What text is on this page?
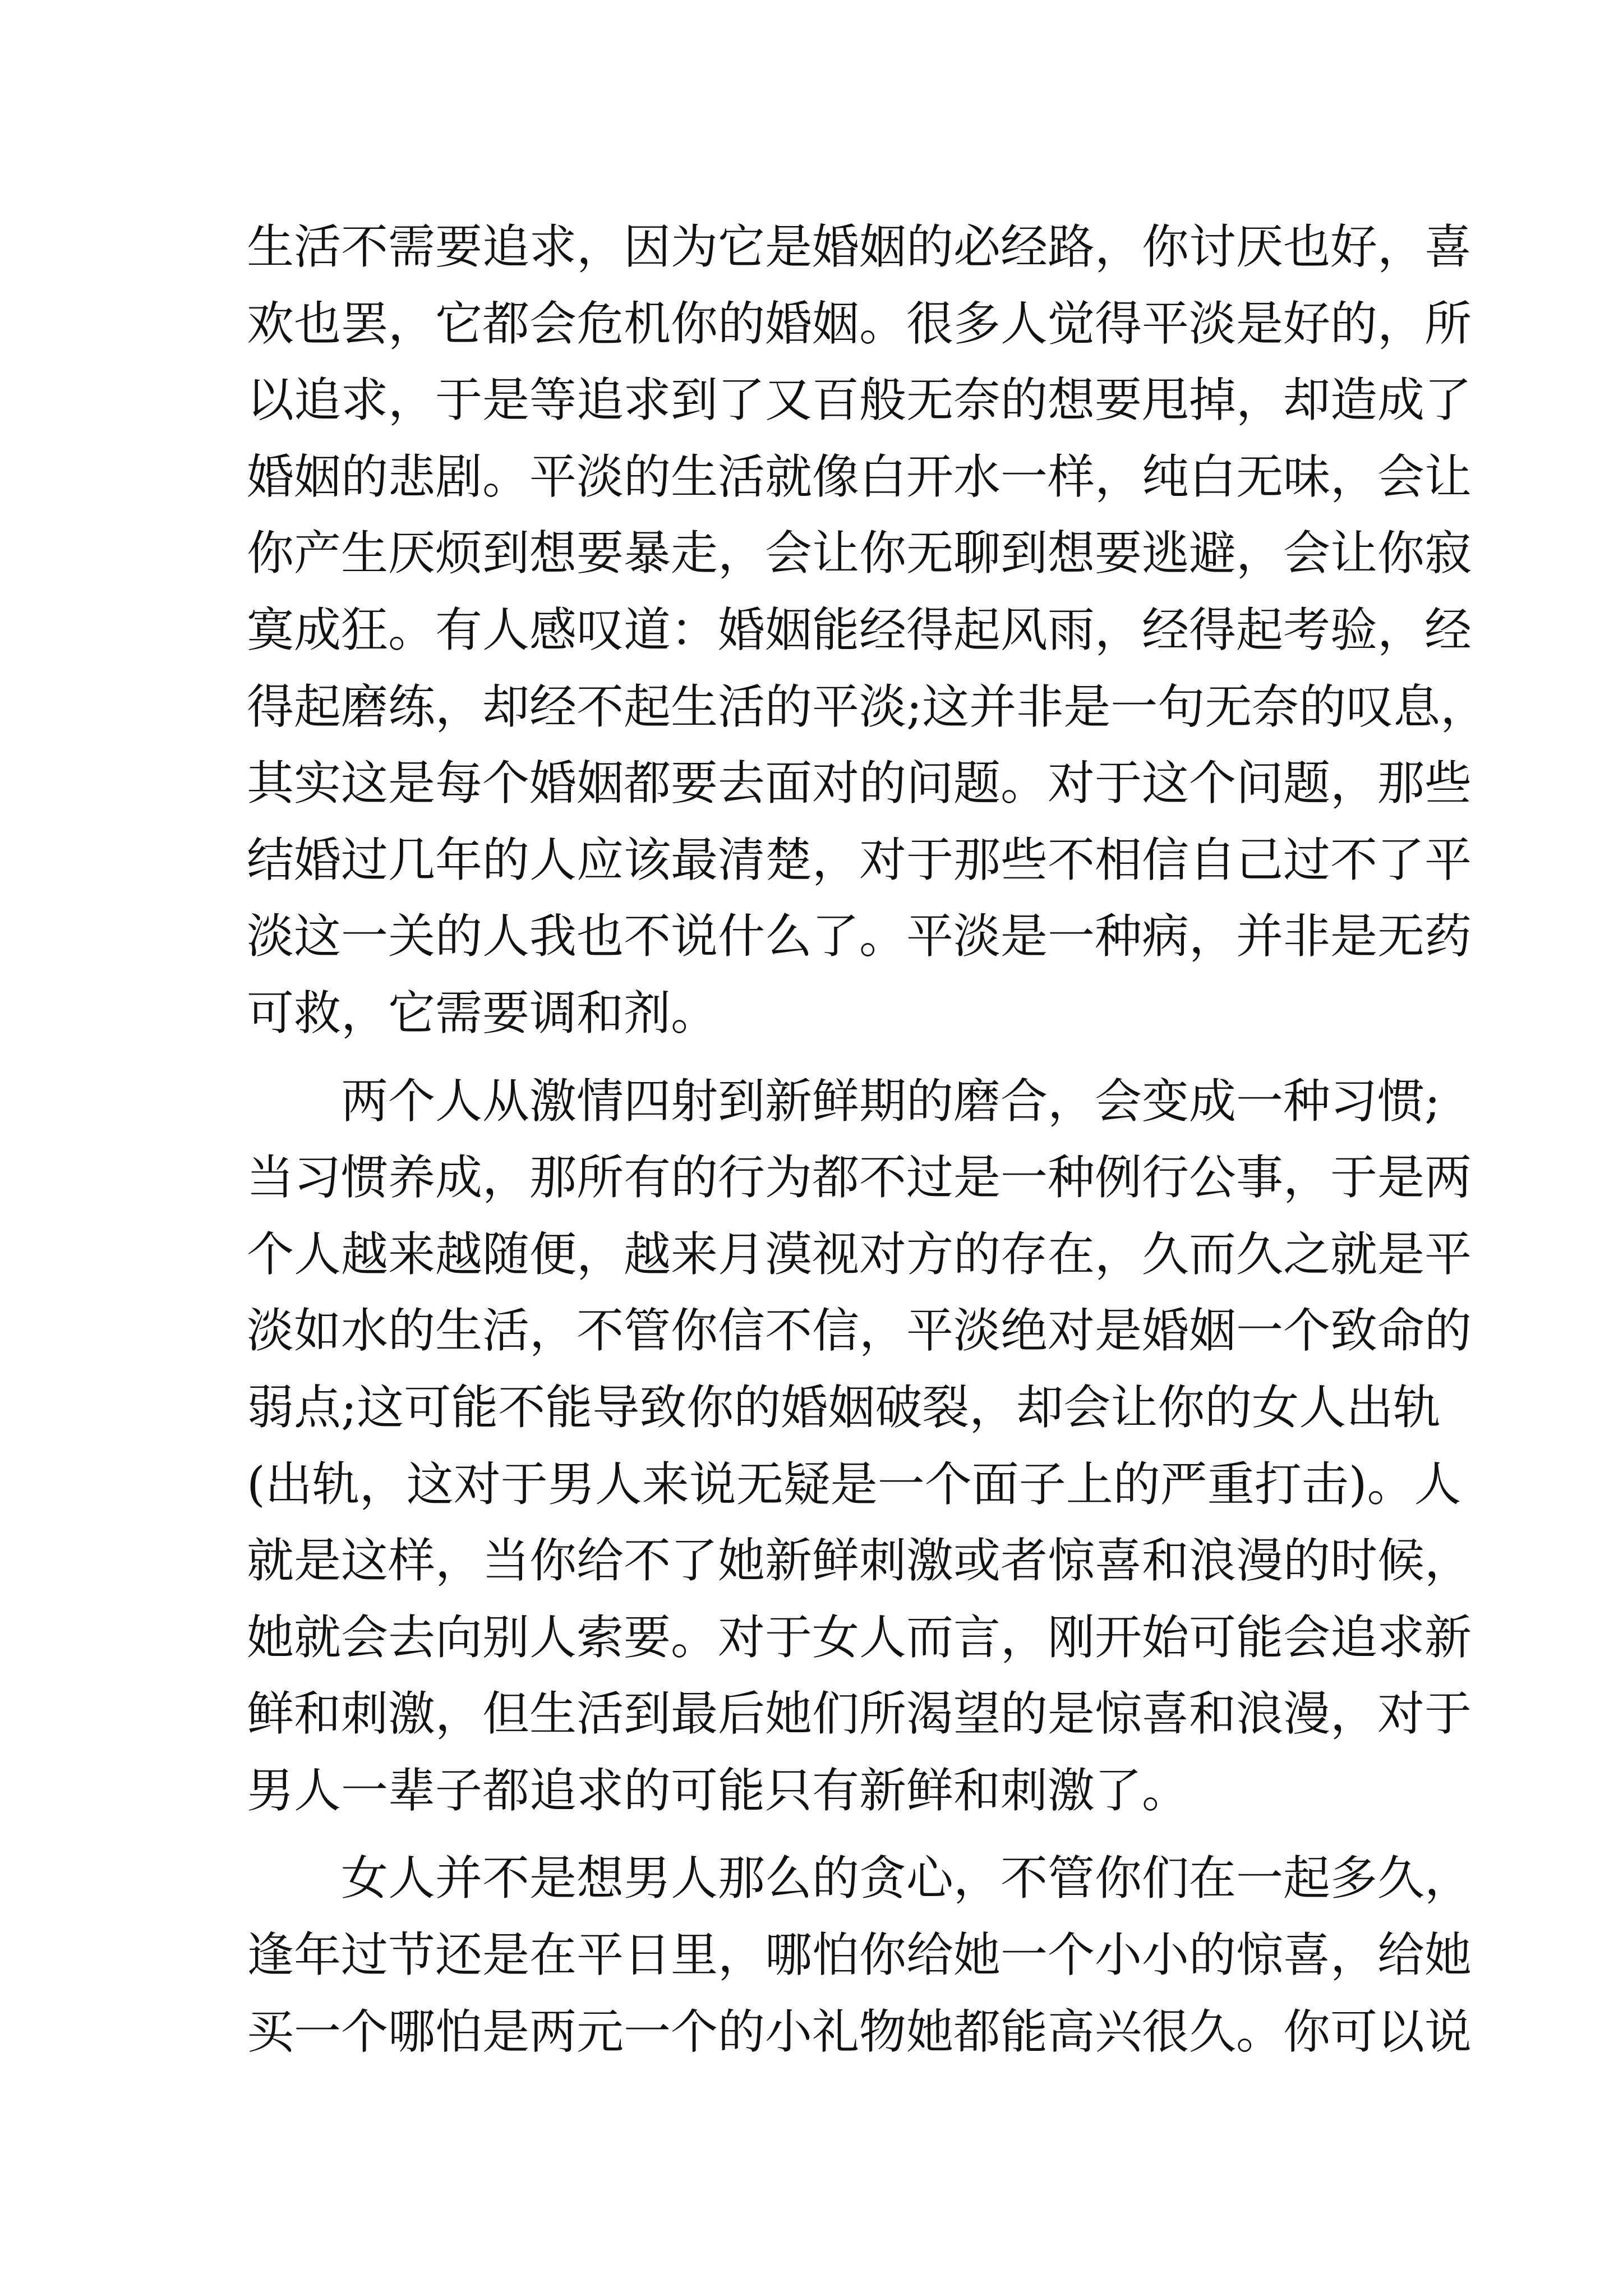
生活不需要追求，因为它是婚姻的必经路，你讨厌也好，喜
欢也罢，它都会危机你的婚姻。很多人觉得平淡是好的，所
以追求，于是等追求到了又百般无奈的想要甩掉，却造成了
婚姻的悲剧。平淡的生活就像白开水一样，纯白无味，会让
你产生厌烦到想要暴走，会让你无聊到想要逃避，会让你寂
寞成狂。有人感叹道：婚姻能经得起风雨，经得起考验，经
得起磨练，却经不起生活的平淡;这并非是一句无奈的叹息，
其实这是每个婚姻都要去面对的问题。对于这个问题，那些
结婚过几年的人应该最清楚，对于那些不相信自己过不了平
淡这一关的人我也不说什么了。平淡是一种病，并非是无药
可救，它需要调和剂。

两个人从激情四射到新鲜期的磨合，会变成一种习惯;
当习惯养成，那所有的行为都不过是一种例行公事，于是两
个人越来越随便，越来月漠视对方的存在，久而久之就是平
淡如水的生活，不管你信不信，平淡绝对是婚姻一个致命的
弱点;这可能不能导致你的婚姻破裂，却会让你的女人出轨
(出轨，这对于男人来说无疑是一个面子上的严重打击)。人
就是这样，当你给不了她新鲜刺激或者惊喜和浪漫的时候，
她就会去向别人索要。对于女人而言，刚开始可能会追求新
鲜和刺激，但生活到最后她们所渴望的是惊喜和浪漫，对于
男人一辈子都追求的可能只有新鲜和刺激了。

女人并不是想男人那么的贪心，不管你们在一起多久，
逢年过节还是在平日里，哪怕你给她一个小小的惊喜，给她
买一个哪怕是两元一个的小礼物她都能高兴很久。你可以说
